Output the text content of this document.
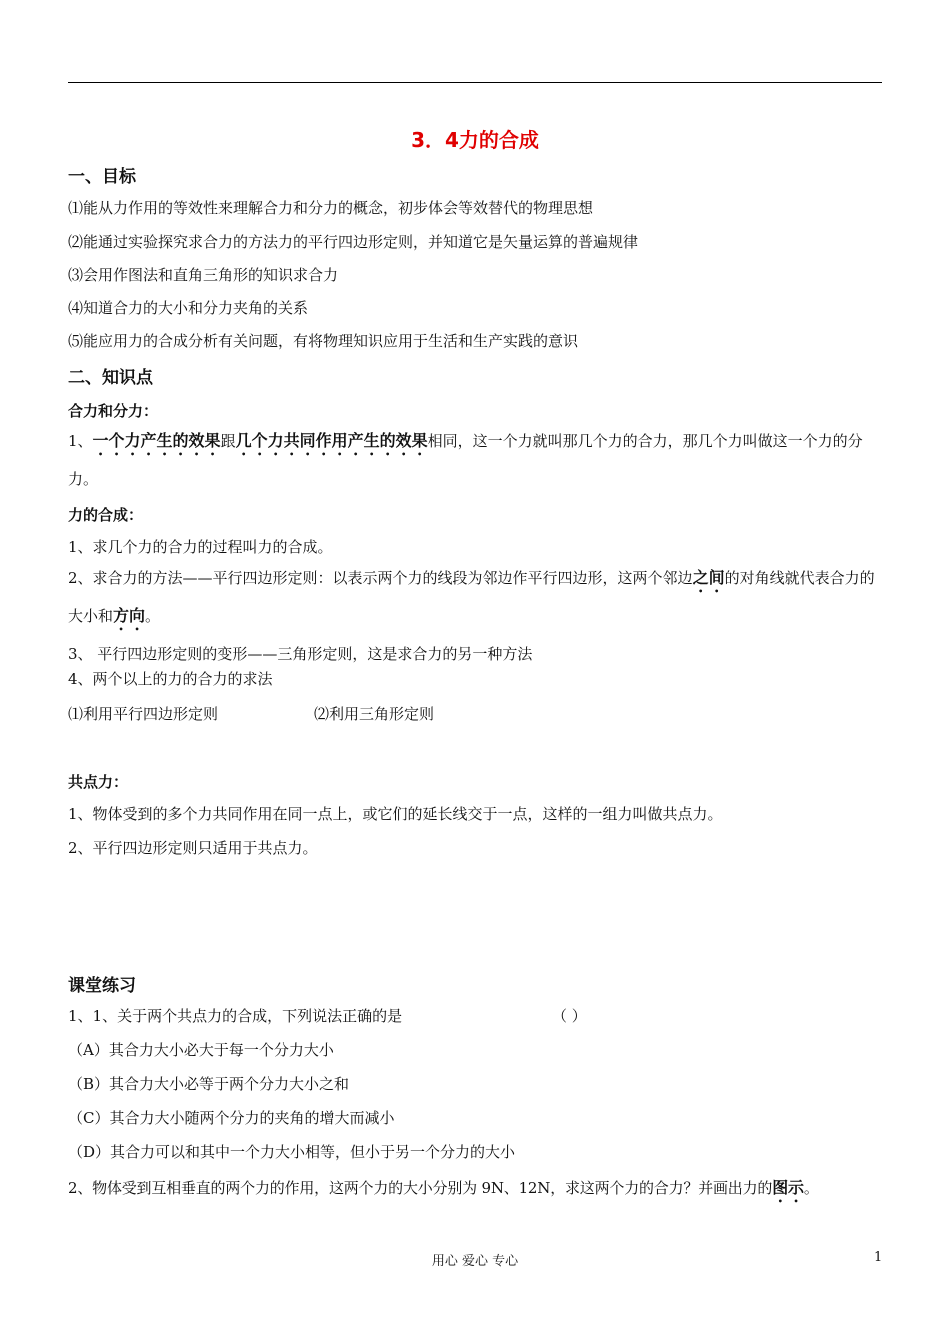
3．4力的合成
一、目标
⑴能从力作用的等效性来理解合力和分力的概念，初步体会等效替代的物理思想
⑵能通过实验探究求合力的方法力的平行四边形定则，并知道它是矢量运算的普遍规律
⑶会用作图法和直角三角形的知识求合力
⑷知道合力的大小和分力夹角的关系
⑸能应用力的合成分析有关问题，有将物理知识应用于生活和生产实践的意识
二、知识点
合力和分力：
1、一个力产生的效果跟几个力共同作用产生的效果相同，这一个力就叫那几个力的合力，那几个力叫做这一个力的分力。
力的合成：
1、求几个力的合力的过程叫力的合成。
2、求合力的方法——平行四边形定则：以表示两个力的线段为邻边作平行四边形，这两个邻边之间的对角线就代表合力的大小和方向。
3、 平行四边形定则的变形——三角形定则，这是求合力的另一种方法
4、两个以上的力的合力的求法
⑴利用平行四边形定则	⑵利用三角形定则
共点力：
1、物体受到的多个力共同作用在同一点上，或它们的延长线交于一点，这样的一组力叫做共点力。
2、平行四边形定则只适用于共点力。
课堂练习
1、1、关于两个共点力的合成，下列说法正确的是	（ ）
（A）其合力大小必大于每一个分力大小
（B）其合力大小必等于两个分力大小之和
（C）其合力大小随两个分力的夹角的增大而减小
（D）其合力可以和其中一个力大小相等，但小于另一个分力的大小
2、物体受到互相垂直的两个力的作用，这两个力的大小分别为 9N、12N，求这两个力的合力？并画出力的图示。
用心 爱心 专心	1
